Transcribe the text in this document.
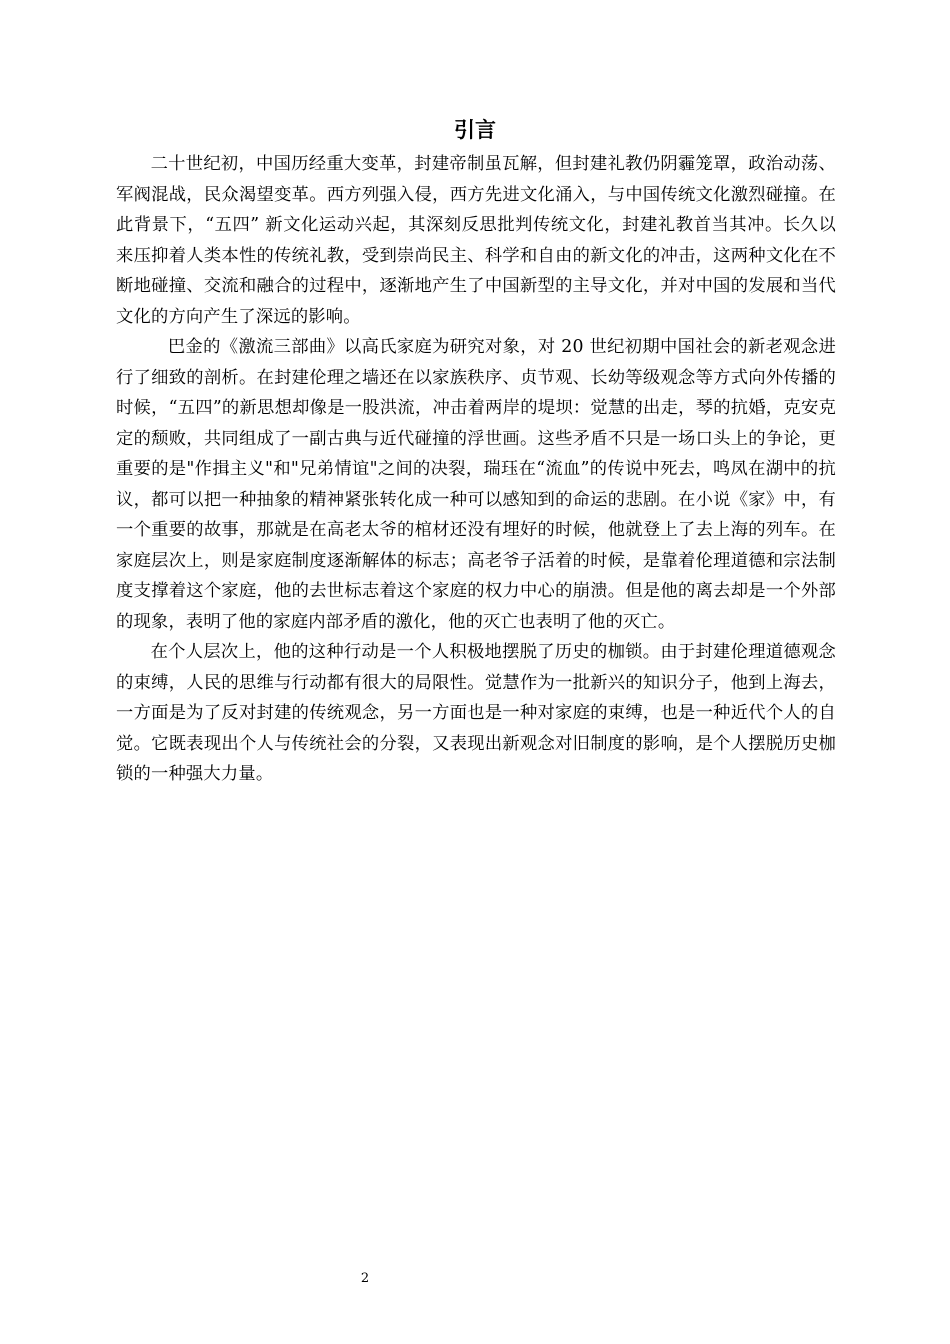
引言

二十世纪初，中国历经重大变革，封建帝制虽瓦解，但封建礼教仍阴霾笼罩，政治动荡、军阀混战，民众渴望变革。西方列强入侵，西方先进文化涌入，与中国传统文化激烈碰撞。在此背景下，“五四” 新文化运动兴起，其深刻反思批判传统文化，封建礼教首当其冲。长久以来压抑着人类本性的传统礼教，受到崇尚民主、科学和自由的新文化的冲击，这两种文化在不断地碰撞、交流和融合的过程中，逐渐地产生了中国新型的主导文化，并对中国的发展和当代文化的方向产生了深远的影响。

巴金的《激流三部曲》以高氏家庭为研究对象，对 20 世纪初期中国社会的新老观念进行了细致的剖析。在封建伦理之墙还在以家族秩序、贞节观、长幼等级观念等方式向外传播的时候，“五四”的新思想却像是一股洪流，冲击着两岸的堤坝：觉慧的出走，琴的抗婚，克安克定的颓败，共同组成了一副古典与近代碰撞的浮世画。这些矛盾不只是一场口头上的争论，更重要的是"作揖主义"和"兄弟情谊"之间的决裂，瑞珏在“流血”的传说中死去，鸣凤在湖中的抗议，都可以把一种抽象的精神紧张转化成一种可以感知到的命运的悲剧。在小说《家》中，有一个重要的故事，那就是在高老太爷的棺材还没有埋好的时候，他就登上了去上海的列车。在家庭层次上，则是家庭制度逐渐解体的标志；高老爷子活着的时候，是靠着伦理道德和宗法制度支撑着这个家庭，他的去世标志着这个家庭的权力中心的崩溃。但是他的离去却是一个外部的现象，表明了他的家庭内部矛盾的激化，他的灭亡也表明了他的灭亡。

在个人层次上，他的这种行动是一个人积极地摆脱了历史的枷锁。由于封建伦理道德观念的束缚，人民的思维与行动都有很大的局限性。觉慧作为一批新兴的知识分子，他到上海去，一方面是为了反对封建的传统观念，另一方面也是一种对家庭的束缚，也是一种近代个人的自觉。它既表现出个人与传统社会的分裂，又表现出新观念对旧制度的影响，是个人摆脱历史枷锁的一种强大力量。

2
